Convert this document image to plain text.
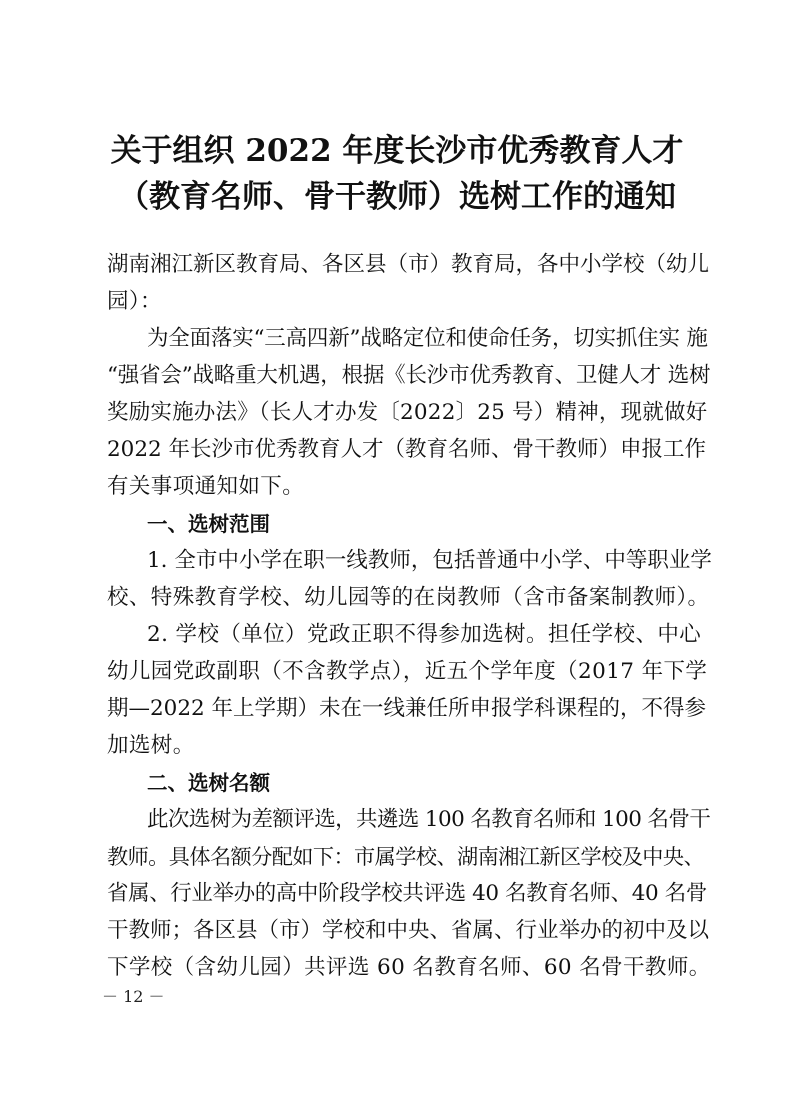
关于组织 2022 年度长沙市优秀教育人才
（教育名师、骨干教师）选树工作的通知
湖南湘江新区教育局、各区县（市）教育局，各中小学校（幼儿
园）：
为全面落实“三高四新”战略定位和使命任务，切实抓住实 施
“强省会”战略重大机遇，根据《长沙市优秀教育、卫健人才 选树
奖励实施办法》（长人才办发〔2022〕25 号）精神，现就做好
2022 年长沙市优秀教育人才（教育名师、骨干教师）申报工作
有关事项通知如下。
一、选树范围
1. 全市中小学在职一线教师，包括普通中小学、中等职业学
校、特殊教育学校、幼儿园等的在岗教师（含市备案制教师）。
2. 学校（单位）党政正职不得参加选树。担任学校、中心
幼儿园党政副职（不含教学点），近五个学年度（2017 年下学
期—2022 年上学期）未在一线兼任所申报学科课程的，不得参
加选树。
二、选树名额
此次选树为差额评选，共遴选 100 名教育名师和 100 名骨干
教师。具体名额分配如下：市属学校、湖南湘江新区学校及中央、
省属、行业举办的高中阶段学校共评选 40 名教育名师、40 名骨
干教师；各区县（市）学校和中央、省属、行业举办的初中及以
下学校（含幼儿园）共评选 60 名教育名师、60 名骨干教师。
－ 12 －
